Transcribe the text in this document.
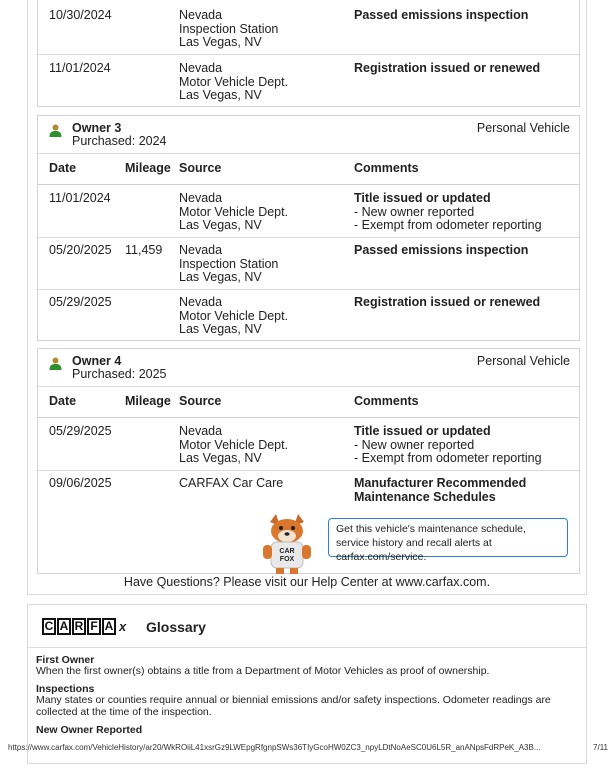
10/30/2024	Nevada
Inspection Station
Las Vegas, NV
Passed emissions inspection
11/01/2024	Nevada
Motor Vehicle Dept.
Las Vegas, NV
Registration issued or renewed
Owner 3
Purchased: 2024
Personal Vehicle
Date	Mileage Source	Comments
11/01/2024	Nevada
Motor Vehicle Dept.
Las Vegas, NV
Title issued or updated
- New owner reported
- Exempt from odometer reporting
05/20/2025 11,459 Nevada
Inspection Station
Las Vegas, NV
Passed emissions inspection
05/29/2025	Nevada
Motor Vehicle Dept.
Las Vegas, NV
Registration issued or renewed
Owner 4
Purchased: 2025
Personal Vehicle
Date	Mileage Source	Comments
05/29/2025	Nevada
Motor Vehicle Dept.
Las Vegas, NV
Title issued or updated
- New owner reported
- Exempt from odometer reporting
09/06/2025	CARFAX Car Care	Manufacturer Recommended Maintenance Schedules
CAR
FOX
Get this vehicle's maintenance schedule, service history and recall alerts at carfax.com/service.
Have Questions? Please visit our Help Center at www.carfax.com.
C A R F A x Glossary
First Owner
When the first owner(s) obtains a title from a Department of Motor Vehicles as proof of ownership.
Inspections
Many states or counties require annual or biennial emissions and/or safety inspections. Odometer readings are collected at the time of the inspection.
New Owner Reported
https://www.carfax.com/VehicleHistory/ar20/WkROiiL41xsrGz9LWEpgRfgnpSWs36TIyGcoHW0ZC3_npyLDtNoAeSC0U6L5R_anANpsFdRPeK_A3B...	7/11
